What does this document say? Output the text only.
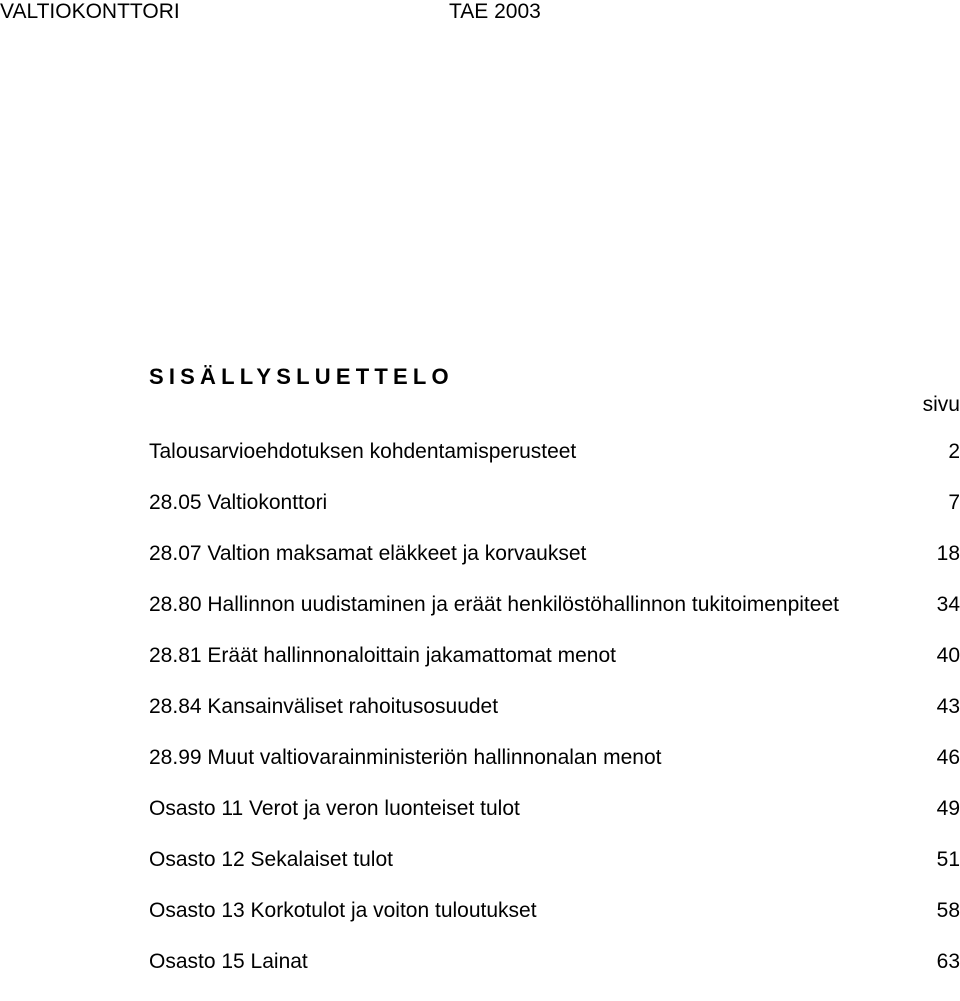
VALTIOKONTTORI	TAE 2003
SISÄLLYSLUETTELO
sivu
Talousarvioehdotuksen kohdentamisperusteet	2
28.05 Valtiokonttori	7
28.07 Valtion maksamat eläkkeet ja korvaukset	18
28.80 Hallinnon uudistaminen ja eräät henkilöstöhallinnon tukitoimenpiteet	34
28.81 Eräät hallinnonaloittain jakamattomat menot	40
28.84 Kansainväliset rahoitusosuudet	43
28.99 Muut valtiovarainministeriön hallinnonalan menot	46
Osasto 11 Verot ja veron luonteiset tulot	49
Osasto 12 Sekalaiset tulot	51
Osasto 13 Korkotulot ja voiton tuloutukset	58
Osasto 15 Lainat	63
